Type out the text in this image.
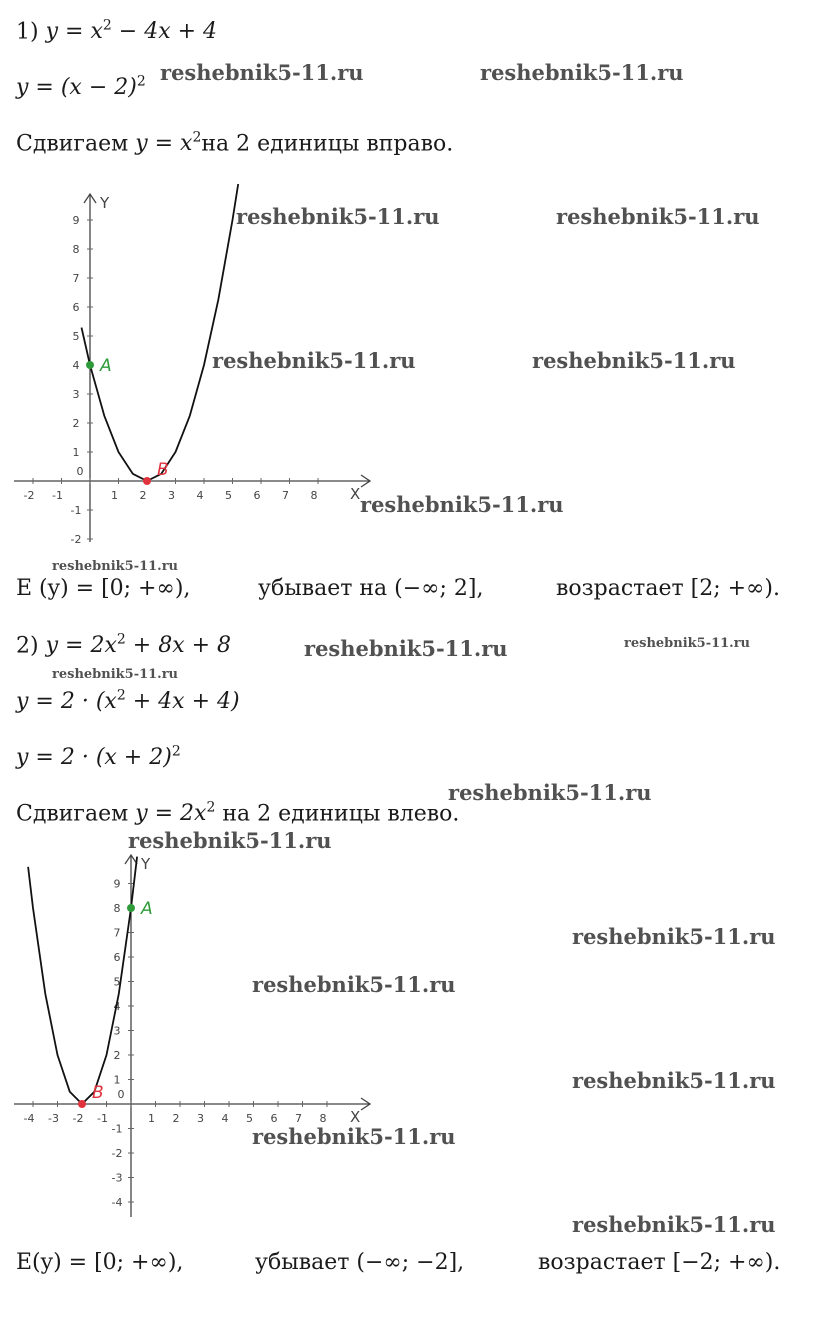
1) $y = x^2 - 4x + 4$
$y = (x - 2)^2$
Сдвигаем $y = x^2на$ 2 единицы вправо.
X
Y
-2 -1
0
1 2 3 4 5 6 7 8
9
8
7
6
5
4
3
2
1
-1
-2
A
B
E (y) = [0; +∞),	убывает на (−∞; 2],	возрастает [2; +∞).
2) $y = 2x^2 + 8x + 8$
$y = 2 \cdot (x^2 + 4x + 4)$
$y = 2 \cdot (x + 2)^2$
Сдвигаем $y = 2x^2$ на 2 единицы влево.
X
Y
-4 -3 -2 -1
0
1 2 3 4 5 6 7 8
9
8
7
6
5
4
3
2
1
-1
-2
-3
-4
A
B
E(y) = [0; +∞),	убывает (−∞; −2],	возрастает [−2; +∞).
reshebnik5-11.ru	reshebnik5-11.ru
reshebnik5-11.ru	reshebnik5-11.ru
reshebnik5-11.ru	reshebnik5-11.ru
reshebnik5-11.ru
reshebnik5-11.ru
reshebnik5-11.ru	reshebnik5-11.ru
reshebnik5-11.ru
reshebnik5-11.ru
reshebnik5-11.ru
reshebnik5-11.ru
reshebnik5-11.ru
reshebnik5-11.ru
reshebnik5-11.ru
reshebnik5-11.ru
